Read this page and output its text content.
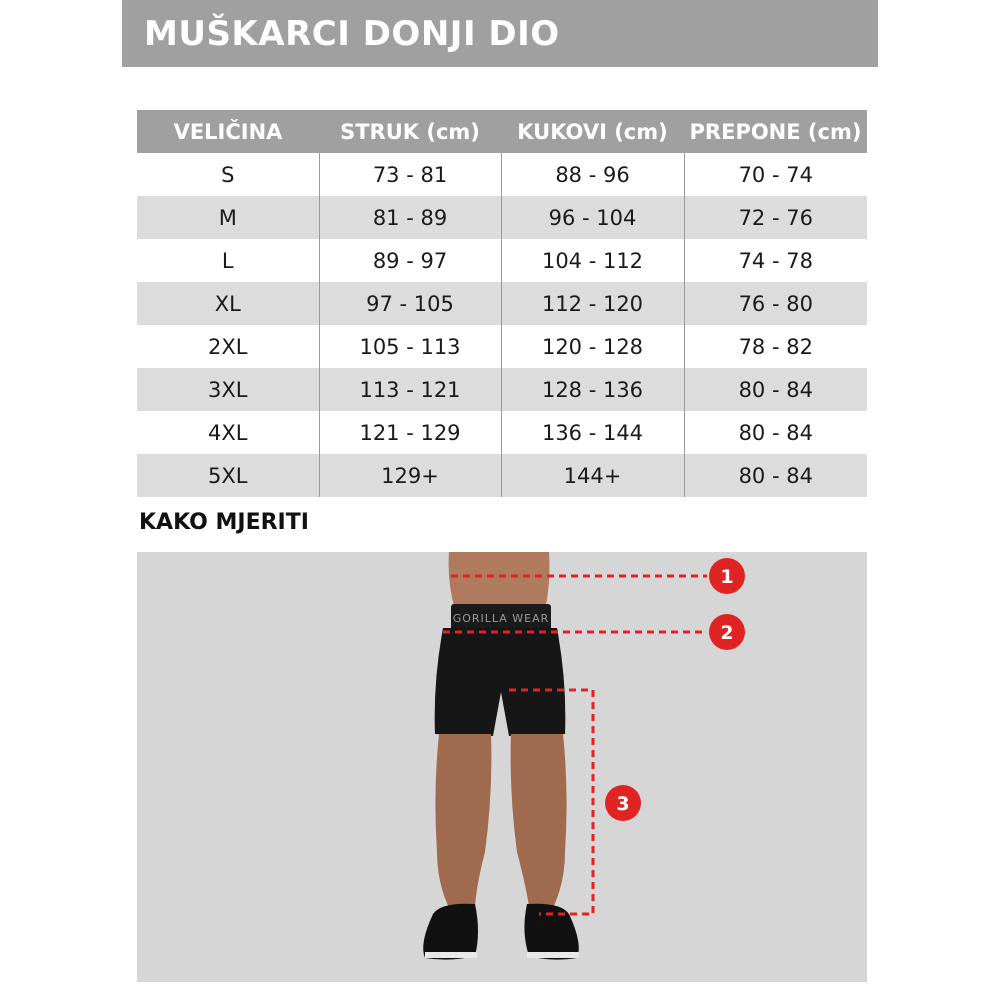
MUŠKARCI DONJI DIO
VELIČINA	STRUK (cm)	KUKOVI (cm)	PREPONE (cm)
S	73 - 81	88 - 96	70 - 74
M	81 - 89	96 - 104	72 - 76
L	89 - 97	104 - 112	74 - 78
XL	97 - 105	112 - 120	76 - 80
2XL	105 - 113	120 - 128	78 - 82
3XL	113 - 121	128 - 136	80 - 84
4XL	121 - 129	136 - 144	80 - 84
5XL	129+	144+	80 - 84
KAKO MJERITI
GORILLA WEAR
1
2
3
